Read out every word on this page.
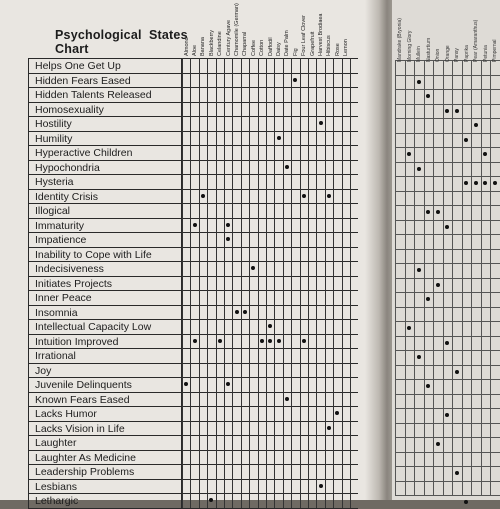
Psychological  States
Chart	Almond Aloe Banana Blackberry Celandine Century Agave Chamomile (German) Chaparral Coffee Cotton Daffodil Daisy Date Palm Fig Four Leaf Clover Grapefruit Harvest Brodiaea Hibiscus Rose Lemon
Helps One Get Up
Hidden Fears Eased
Hidden Talents Released
Homosexuality
Hostility
Humility
Hyperactive Children
Hypochondria
Hysteria
Identity Crisis
Illogical
Immaturity
Impatience
Inability to Cope with Life
Indecisiveness
Initiates Projects
Inner Peace
Insomnia
Intellectual Capacity Low
Intuition Improved
Irrational
Joy
Juvenile Delinquents
Known Fears Eased
Lacks Humor
Lacks Vision in Life
Laughter
Laughter As Medicine
Leadership Problems
Lesbians
Lethargic
Mandrake (Bryonia) Morning Glory Mullein Nasturtium Onion Orange Pansy Paprika Pear (Amaranthus) Petunia Pimpernal
